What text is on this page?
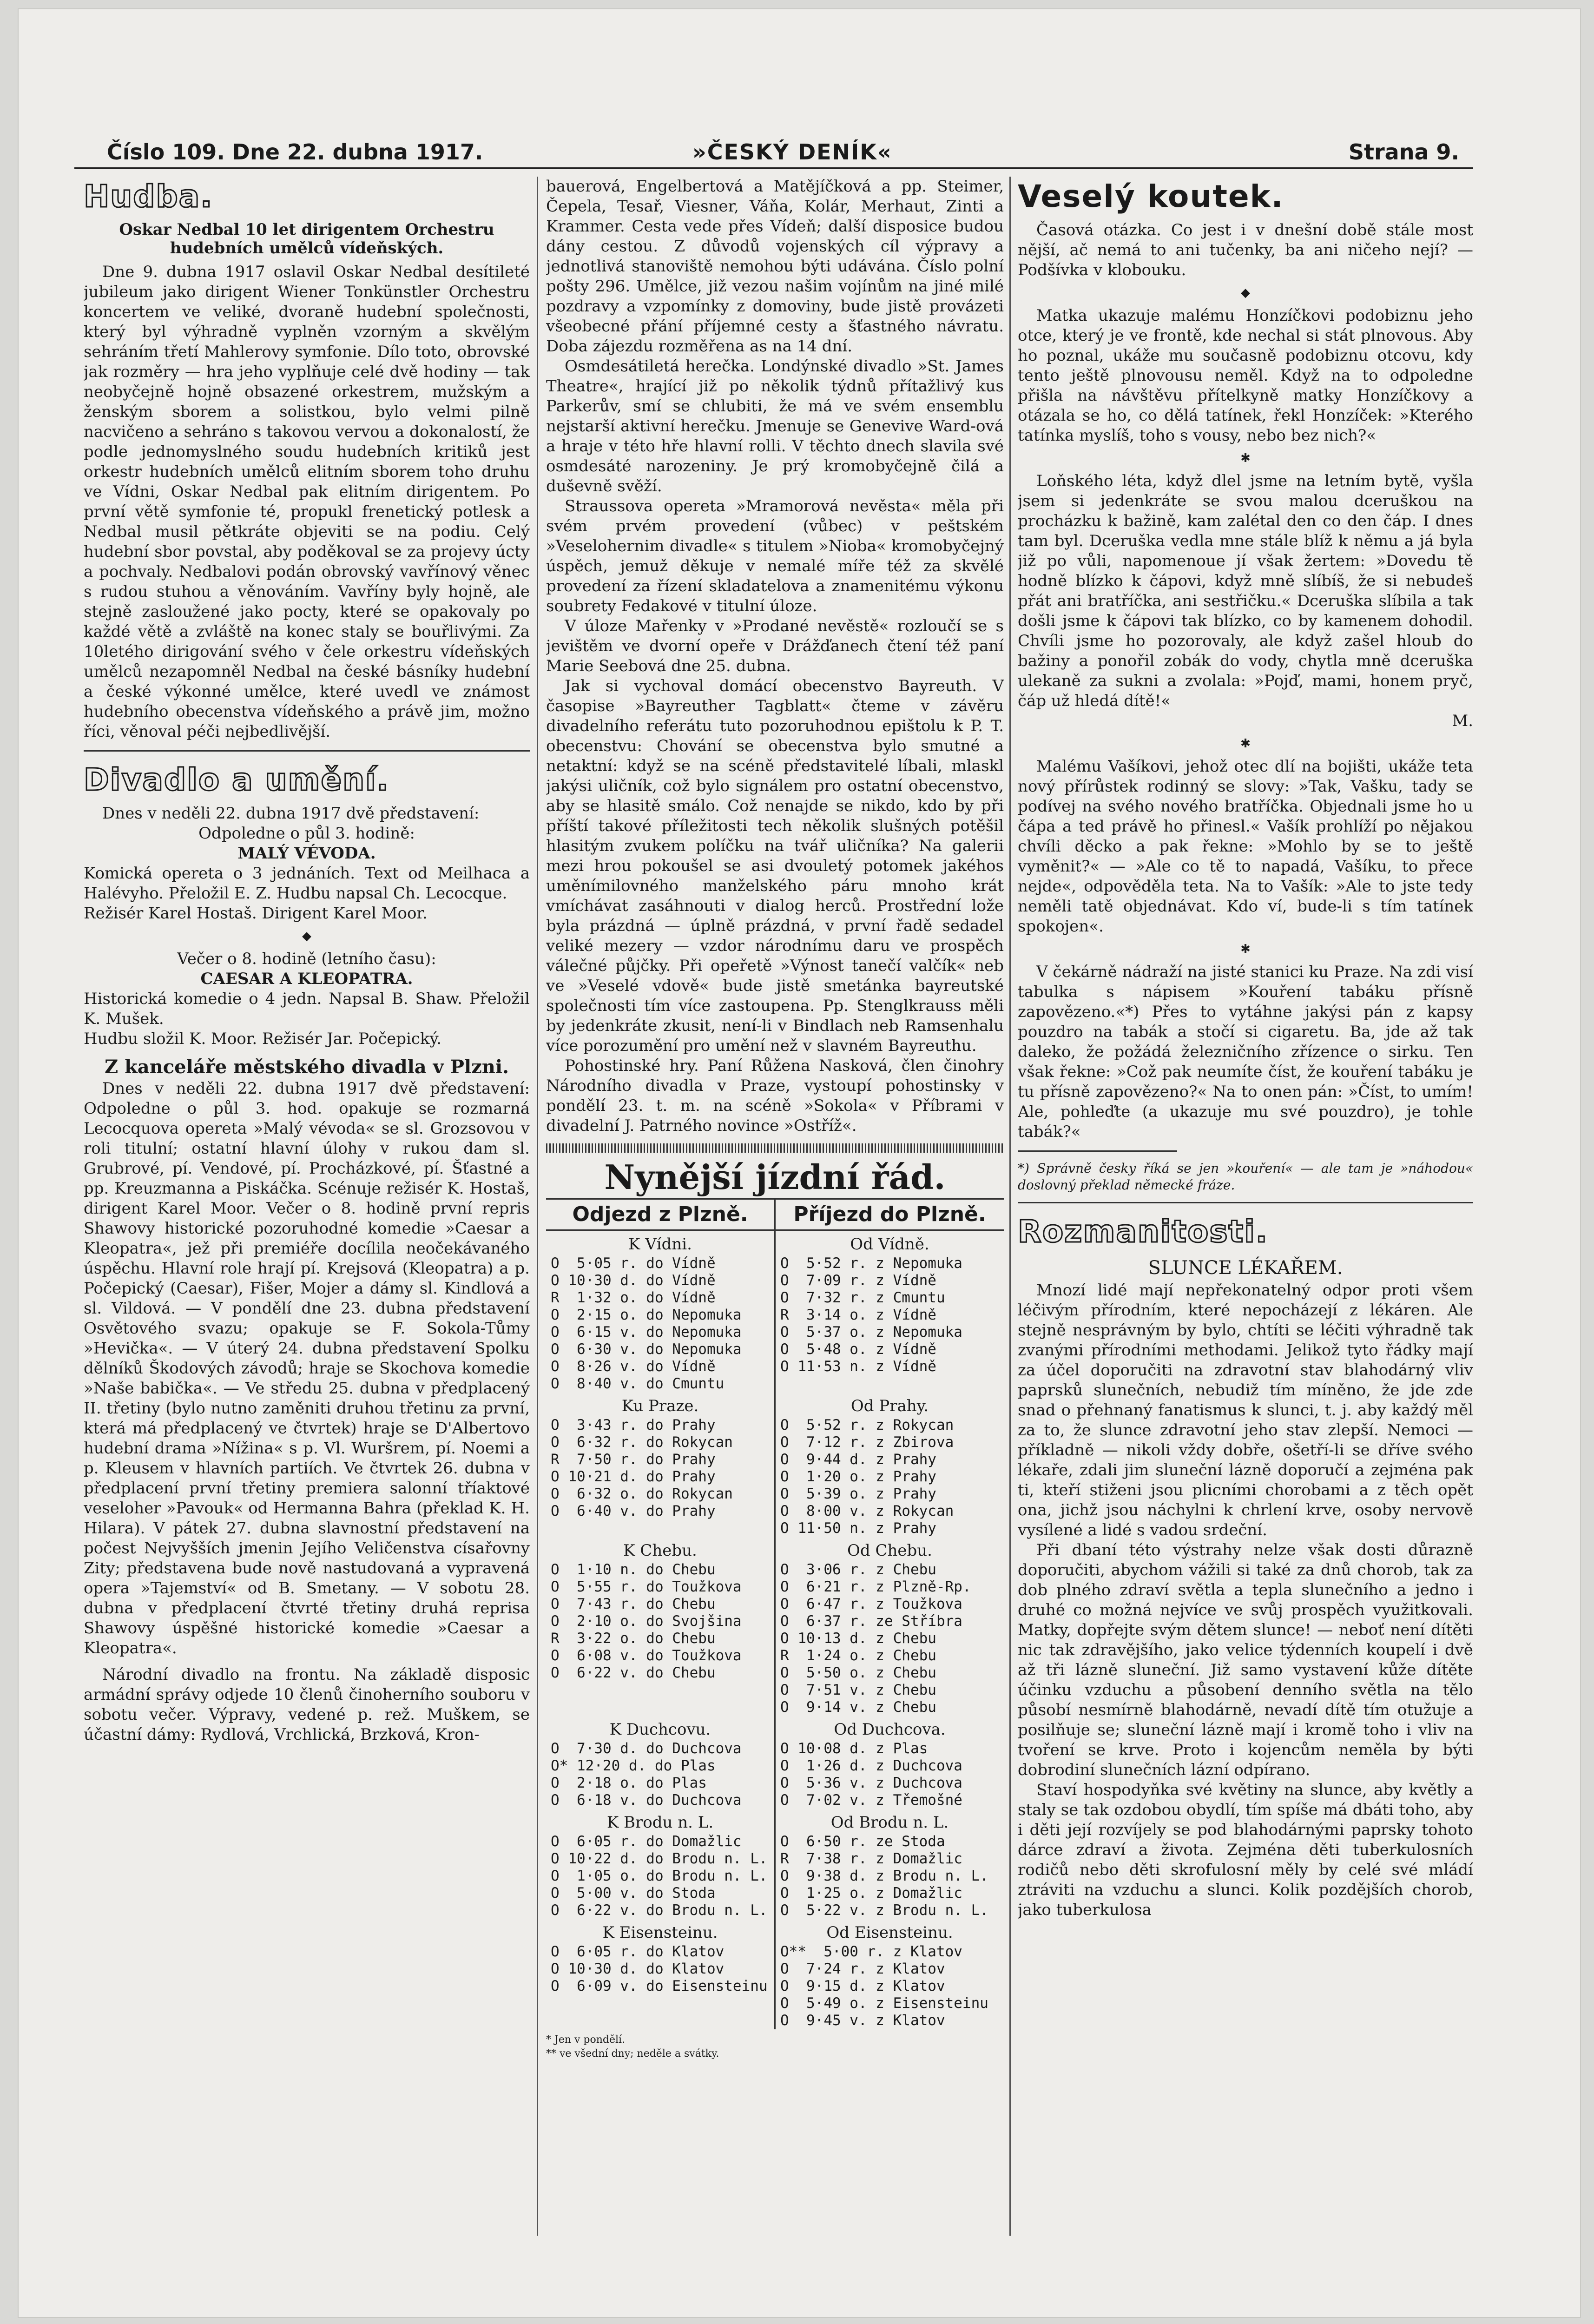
Číslo 109. Dne 22. dubna 1917.	»ČESKÝ DENÍK«	Strana 9.
Hudba.
Oskar Nedbal 10 let dirigentem Orchestru hudebních umělců vídeňských.

Dne 9. dubna 1917 oslavil Oskar Nedbal desítileté jubileum jako dirigent Wiener Tonkünstler Orchestru koncertem ve veliké, dvoraně hudební společnosti, který byl výhradně vyplněn vzorným a skvělým sehráním třetí Mahlerovy symfonie. Dílo toto, obrovské jak rozměry — hra jeho vyplňuje celé dvě hodiny — tak neobyčejně hojně obsazené orkestrem, mužským a ženským sborem a solistkou, bylo velmi pilně nacvičeno a sehráno s takovou vervou a dokonalostí, že podle jednomyslného soudu hudebních kritiků jest orkestr hudebních umělců elitním sborem toho druhu ve Vídni, Oskar Nedbal pak elitním dirigentem. Po první větě symfonie té, propukl frenetický potlesk a Nedbal musil pětkráte objeviti se na podiu. Celý hudební sbor povstal, aby poděkoval se za projevy úcty a pochvaly. Nedbalovi podán obrovský vavřínový věnec s rudou stuhou a věnováním. Vavříny byly hojně, ale stejně zasloužené jako pocty, které se opakovaly po každé větě a zvláště na konec staly se bouřlivými. Za 10letého dirigování svého v čele orkestru vídeňských umělců nezapomněl Nedbal na české básníky hudební a české výkonné umělce, které uvedl ve známost hudebního obecenstva vídeňského a právě jim, možno říci, věnoval péči nejbedlivější.

Divadlo a umění.

Dnes v neděli 22. dubna 1917 dvě představení:

Odpoledne o půl 3. hodině:

MALÝ VÉVODA.

Komická opereta o 3 jednáních. Text od Meilhaca a Halévyho. Přeložil E. Z. Hudbu napsal Ch. Lecocque.

Režisér Karel Hostaš. Dirigent Karel Moor.

◆

Večer o 8. hodině (letního času):

CAESAR A KLEOPATRA.

Historická komedie o 4 jedn. Napsal B. Shaw. Přeložil K. Mušek.

Hudbu složil K. Moor. Režisér Jar. Počepický.

Z kanceláře městského divadla v Plzni.

Dnes v neděli 22. dubna 1917 dvě představení: Odpoledne o půl 3. hod. opakuje se rozmarná Lecocquova opereta »Malý vévoda« se sl. Grozsovou v roli titulní; ostatní hlavní úlohy v rukou dam sl. Grubrové, pí. Vendové, pí. Procházkové, pí. Šťastné a pp. Kreuzmanna a Piskáčka. Scénuje režisér K. Hostaš, dirigent Karel Moor. Večer o 8. hodině první repris Shawovy historické pozoruhodné komedie »Caesar a Kleopatra«, jež při premiéře docílila neočekávaného úspěchu. Hlavní role hrají pí. Krejsová (Kleopatra) a p. Počepický (Caesar), Fišer, Mojer a dámy sl. Kindlová a sl. Vildová. — V pondělí dne 23. dubna představení Osvětového svazu; opakuje se F. Sokola-Tůmy »Hevička«. — V úterý 24. dubna představení Spolku dělníků Škodových závodů; hraje se Skochova komedie »Naše babička«. — Ve středu 25. dubna v předplacený II. třetiny (bylo nutno zaměniti druhou třetinu za první, která má předplacený ve čtvrtek) hraje se D'Albertovo hudební drama »Nížina« s p. Vl. Wuršrem, pí. Noemi a p. Kleusem v hlavních partiích. Ve čtvrtek 26. dubna v předplacení první třetiny premiera salonní tříaktové veseloher »Pavouk« od Hermanna Bahra (překlad K. H. Hilara). V pátek 27. dubna slavnostní představení na počest Nejvyšších jmenin Jejího Veličenstva císařovny Zity; představena bude nově nastudovaná a vypravená opera »Tajemství« od B. Smetany. — V sobotu 28. dubna v předplacení čtvrté třetiny druhá reprisa Shawovy úspěšné historické komedie »Caesar a Kleopatra«.

Národní divadlo na frontu. Na základě disposic armádní správy odjede 10 členů činoherního souboru v sobotu večer. Výpravy, vedené p. rež. Muškem, se účastní dámy: Rydlová, Vrchlická, Brzková, Kron-

bauerová, Engelbertová a Matějíčková a pp. Steimer, Čepela, Tesař, Viesner, Váňa, Kolár, Merhaut, Zinti a Krammer. Cesta vede přes Vídeň; další disposice budou dány cestou. Z důvodů vojenských cíl výpravy a jednotlivá stanoviště nemohou býti udávána. Číslo polní pošty 296. Umělce, již vezou našim vojínům na jiné milé pozdravy a vzpomínky z domoviny, bude jistě provázeti všeobecné přání příjemné cesty a šťastného návratu. Doba zájezdu rozměřena as na 14 dní.

Osmdesátiletá herečka. Londýnské divadlo »St. James Theatre«, hrající již po několik týdnů přítažlivý kus Parkerův, smí se chlubiti, že má ve svém ensemblu nejstarší aktivní herečku. Jmenuje se Genevive Ward-ová a hraje v této hře hlavní rolli. V těchto dnech slavila své osmdesáté narozeniny. Je prý kromobyčejně čilá a duševně svěží.

Straussova opereta »Mramorová nevěsta« měla při svém prvém provedení (vůbec) v peštském »Veselohernim divadle« s titulem »Nioba« kromobyčejný úspěch, jemuž děkuje v nemalé míře též za skvělé provedení za řízení skladatelova a znamenitému výkonu soubrety Fedakové v titulní úloze.

V úloze Mařenky v »Prodané nevěstě« rozloučí se s jevištěm ve dvorní opeře v Drážďanech čtení též paní Marie Seebová dne 25. dubna.

Jak si vychoval domácí obecenstvo Bayreuth. V časopise »Bayreuther Tagblatt« čteme v závěru divadelního referátu tuto pozoruhodnou epištolu k P. T. obecenstvu: Chování se obecenstva bylo smutné a netaktní: když se na scéně představitelé líbali, mlaskl jakýsi uličník, což bylo signálem pro ostatní obecenstvo, aby se hlasitě smálo. Což nenajde se nikdo, kdo by při příští takové příležitosti tech několik slušných potěšil hlasitým zvukem políčku na tvář uličníka? Na galerii mezi hrou pokoušel se asi dvouletý potomek jakéhos uměnímilovného manželského páru mnoho krát vmíchávat zasáhnouti v dialog herců. Prostřední lože byla prázdná — úplně prázdná, v první řadě sedadel veliké mezery — vzdor národnímu daru ve prospěch válečné půjčky. Při opeřetě »Výnost tanečí valčík« neb ve »Veselé vdově« bude jistě smetánka bayreutské společnosti tím více zastoupena. Pp. Stenglkrauss měli by jedenkráte zkusit, není-li v Bindlach neb Ramsenhalu více porozumění pro umění než v slavném Bayreuthu.

Pohostinské hry. Paní Růžena Nasková, člen činohry Národního divadla v Praze, vystoupí pohostinsky v pondělí 23. t. m. na scéně »Sokola« v Příbrami v divadelní J. Patrného novince »Ostříž«.

Nynější jízdní řád.
Odjezd z Plzně.	Příjezd do Plzně.
K Vídni.
O  5·05 r. do Vídně
O 10·30 d. do Vídně
R  1·32 o. do Vídně
O  2·15 o. do Nepomuka
O  6·15 v. do Nepomuka
O  6·30 v. do Nepomuka
O  8·26 v. do Vídně
O  8·40 v. do Cmuntu
Od Vídně.
O  5·52 r. z Nepomuka
O  7·09 r. z Vídně
O  7·32 r. z Cmuntu
R  3·14 o. z Vídně
O  5·37 o. z Nepomuka
O  5·48 o. z Vídně
O 11·53 n. z Vídně
Ku Praze.
O  3·43 r. do Prahy
O  6·32 r. do Rokycan
R  7·50 r. do Prahy
O 10·21 d. do Prahy
O  6·32 o. do Rokycan
O  6·40 v. do Prahy
Od Prahy.
O  5·52 r. z Rokycan
O  7·12 r. z Zbirova
O  9·44 d. z Prahy
O  1·20 o. z Prahy
O  5·39 o. z Prahy
O  8·00 v. z Rokycan
O 11·50 n. z Prahy
K Chebu.
O  1·10 n. do Chebu
O  5·55 r. do Toužkova
O  7·43 r. do Chebu
O  2·10 o. do Svojšina
R  3·22 o. do Chebu
O  6·08 v. do Toužkova
O  6·22 v. do Chebu
Od Chebu.
O  3·06 r. z Chebu
O  6·21 r. z Plzně-Rp.
O  6·47 r. z Toužkova
O  6·37 r. ze Stříbra
O 10·13 d. z Chebu
R  1·24 o. z Chebu
O  5·50 o. z Chebu
O  7·51 v. z Chebu
O  9·14 v. z Chebu
K Duchcovu.
O  7·30 d. do Duchcova
O* 12·20 d. do Plas
O  2·18 o. do Plas
O  6·18 v. do Duchcova
Od Duchcova.
O 10·08 d. z Plas
O  1·26 d. z Duchcova
O  5·36 v. z Duchcova
O  7·02 v. z Třemošné
K Brodu n. L.
O  6·05 r. do Domažlic
O 10·22 d. do Brodu n. L.
O  1·05 o. do Brodu n. L.
O  5·00 v. do Stoda
O  6·22 v. do Brodu n. L.
Od Brodu n. L.
O  6·50 r. ze Stoda
R  7·38 r. z Domažlic
O  9·38 d. z Brodu n. L.
O  1·25 o. z Domažlic
O  5·22 v. z Brodu n. L.
K Eisensteinu.
O  6·05 r. do Klatov
O 10·30 d. do Klatov
O  6·09 v. do Eisensteinu
Od Eisensteinu.
O**  5·00 r. z Klatov
O  7·24 r. z Klatov
O  9·15 d. z Klatov
O  5·49 o. z Eisensteinu
O  9·45 v. z Klatov
* Jen v pondělí.
** ve všední dny; neděle a svátky.
Veselý koutek.

Časová otázka. Co jest i v dnešní době stále most nější, ač nemá to ani tučenky, ba ani ničeho nejí? — Podšívka v klobouku.

◆

Matka ukazuje malému Honzíčkovi podobiznu jeho otce, který je ve frontě, kde nechal si stát plnovous. Aby ho poznal, ukáže mu současně podobiznu otcovu, kdy tento ještě plnovousu neměl. Když na to odpoledne přišla na návštěvu přítelkyně matky Honzíčkovy a otázala se ho, co dělá tatínek, řekl Honzíček: »Kterého tatínka myslíš, toho s vousy, nebo bez nich?«

✱

Loňského léta, když dlel jsme na letním bytě, vyšla jsem si jedenkráte se svou malou dceruškou na procházku k bažině, kam zalétal den co den čáp. I dnes tam byl. Dceruška vedla mne stále blíž k němu a já byla již po vůli, napomenoue jí však žertem: »Dovedu tě hodně blízko k čápovi, když mně slíbíš, že si nebudeš přát ani bratříčka, ani sestřičku.« Dceruška slíbila a tak došli jsme k čápovi tak blízko, co by kamenem dohodil. Chvíli jsme ho pozorovaly, ale když zašel hloub do bažiny a ponořil zobák do vody, chytla mně dceruška ulekaně za sukni a zvolala: »Pojď, mami, honem pryč, čáp už hledá dítě!«

M.

✱

Malému Vašíkovi, jehož otec dlí na bojišti, ukáže teta nový přírůstek rodinný se slovy: »Tak, Vašku, tady se podívej na svého nového bratříčka. Objednali jsme ho u čápa a ted právě ho přinesl.« Vašík prohlíží po nějakou chvíli děcko a pak řekne: »Mohlo by se to ještě vyměnit?« — »Ale co tě to napadá, Vašíku, to přece nejde«, odpověděla teta. Na to Vašík: »Ale to jste tedy neměli tatě objednávat. Kdo ví, bude-li s tím tatínek spokojen«.

✱

V čekárně nádraží na jisté stanici ku Praze. Na zdi visí tabulka s nápisem »Kouření tabáku přísně zapovězeno.«*) Přes to vytáhne jakýsi pán z kapsy pouzdro na tabák a stočí si cigaretu. Ba, jde až tak daleko, že požádá železničního zřízence o sirku. Ten však řekne: »Což pak neumíte číst, že kouření tabáku je tu přísně zapovězeno?« Na to onen pán: »Číst, to umím! Ale, pohleďte (a ukazuje mu své pouzdro), je tohle tabák?«

*) Správně česky říká se jen »kouření« — ale tam je »náhodou« doslovný překlad německé fráze.

Rozmanitosti.

SLUNCE LÉKAŘEM.

Mnozí lidé mají nepřekonatelný odpor proti všem léčivým přírodním, které nepocházejí z lékáren. Ale stejně nesprávným by bylo, chtíti se léčiti výhradně tak zvanými přírodními methodami. Jelikož tyto řádky mají za účel doporučiti na zdravotní stav blahodárný vliv paprsků slunečních, nebudiž tím míněno, že jde zde snad o přehnaný fanatismus k slunci, t. j. aby každý měl za to, že slunce zdravotní jeho stav zlepší. Nemoci — příkladně — nikoli vždy dobře, ošetří-li se dříve svého lékaře, zdali jim sluneční lázně doporučí a zejména pak ti, kteří stiženi jsou plicními chorobami a z těch opět ona, jichž jsou náchylni k chrlení krve, osoby nervově vysílené a lidé s vadou srdeční.

Při dbaní této výstrahy nelze však dosti důrazně doporučiti, abychom vážili si také za dnů chorob, tak za dob plného zdraví světla a tepla slunečního a jedno i druhé co možná nejvíce ve svůj prospěch využitkovali. Matky, dopřejte svým dětem slunce! — neboť není dítěti nic tak zdravějšího, jako velice týdenních koupelí i dvě až tři lázně sluneční. Již samo vystavení kůže dítěte účinku vzduchu a působení denního světla na tělo působí nesmírně blahodárně, nevadí dítě tím otužuje a posilňuje se; sluneční lázně mají i kromě toho i vliv na tvoření se krve. Proto i kojencům neměla by býti dobrodiní slunečních lázní odpírano.

Staví hospodyňka své květiny na slunce, aby květly a staly se tak ozdobou obydlí, tím spíše má dbáti toho, aby i děti její rozvíjely se pod blahodárnými paprsky tohoto dárce zdraví a života. Zejména děti tuberkulosních rodičů nebo děti skrofulosní měly by celé své mládí ztráviti na vzduchu a slunci. Kolik pozdějších chorob, jako tuberkulosa
